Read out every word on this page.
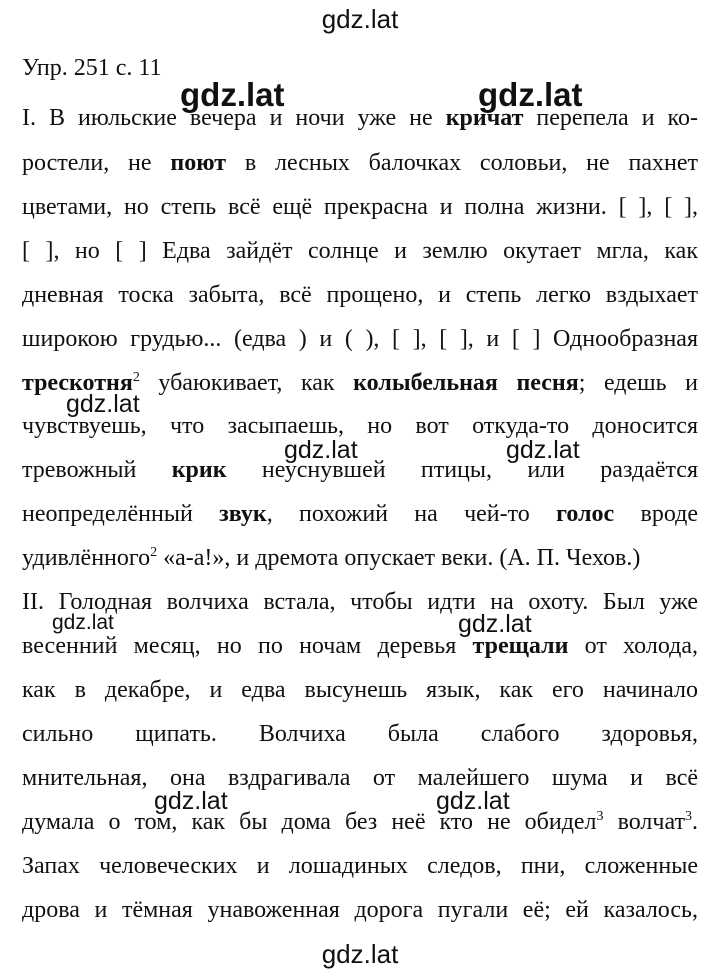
gdz.lat
Упр. 251 с. 11
I. В июльские вечера и ночи уже не кричат перепела и ко-
ростели, не поют в лесных балочках соловьи, не пахнет
цветами, но степь всё ещё прекрасна и полна жизни. [ ], [ ],
[ ], но [ ] Едва зайдёт солнце и землю окутает мгла, как
дневная тоска забыта, всё прощено, и степь легко вздыхает
широкою грудью... (едва ) и ( ), [ ], [ ], и [ ] Однообразная
трескотня$^2$ убаюкивает, как колыбельная песня; едешь и
чувствуешь, что засыпаешь, но вот откуда-то доносится
тревожный крик неуснувшей птицы, или раздаётся
неопределённый звук, похожий на чей-то голос вроде
удивлённого$^2$ «а-а!», и дремота опускает веки. (А. П. Чехов.)
II. Голодная волчиха встала, чтобы идти на охоту. Был уже
весенний месяц, но по ночам деревья трещали от холода,
как в декабре, и едва высунешь язык, как его начинало
сильно щипать. Волчиха была слабого здоровья,
мнительная, она вздрагивала от малейшего шума и всё
думала о том, как бы дома без неё кто не обидел$^3$ волчат$^3$.
Запах человеческих и лошадиных следов, пни, сложенные
дрова и тёмная унавоженная дорога пугали её; ей казалось,
gdz.lat	gdz.lat
gdz.lat
gdz.lat	gdz.lat
gdz.lat	gdz.lat
gdz.lat	gdz.lat
gdz.lat
